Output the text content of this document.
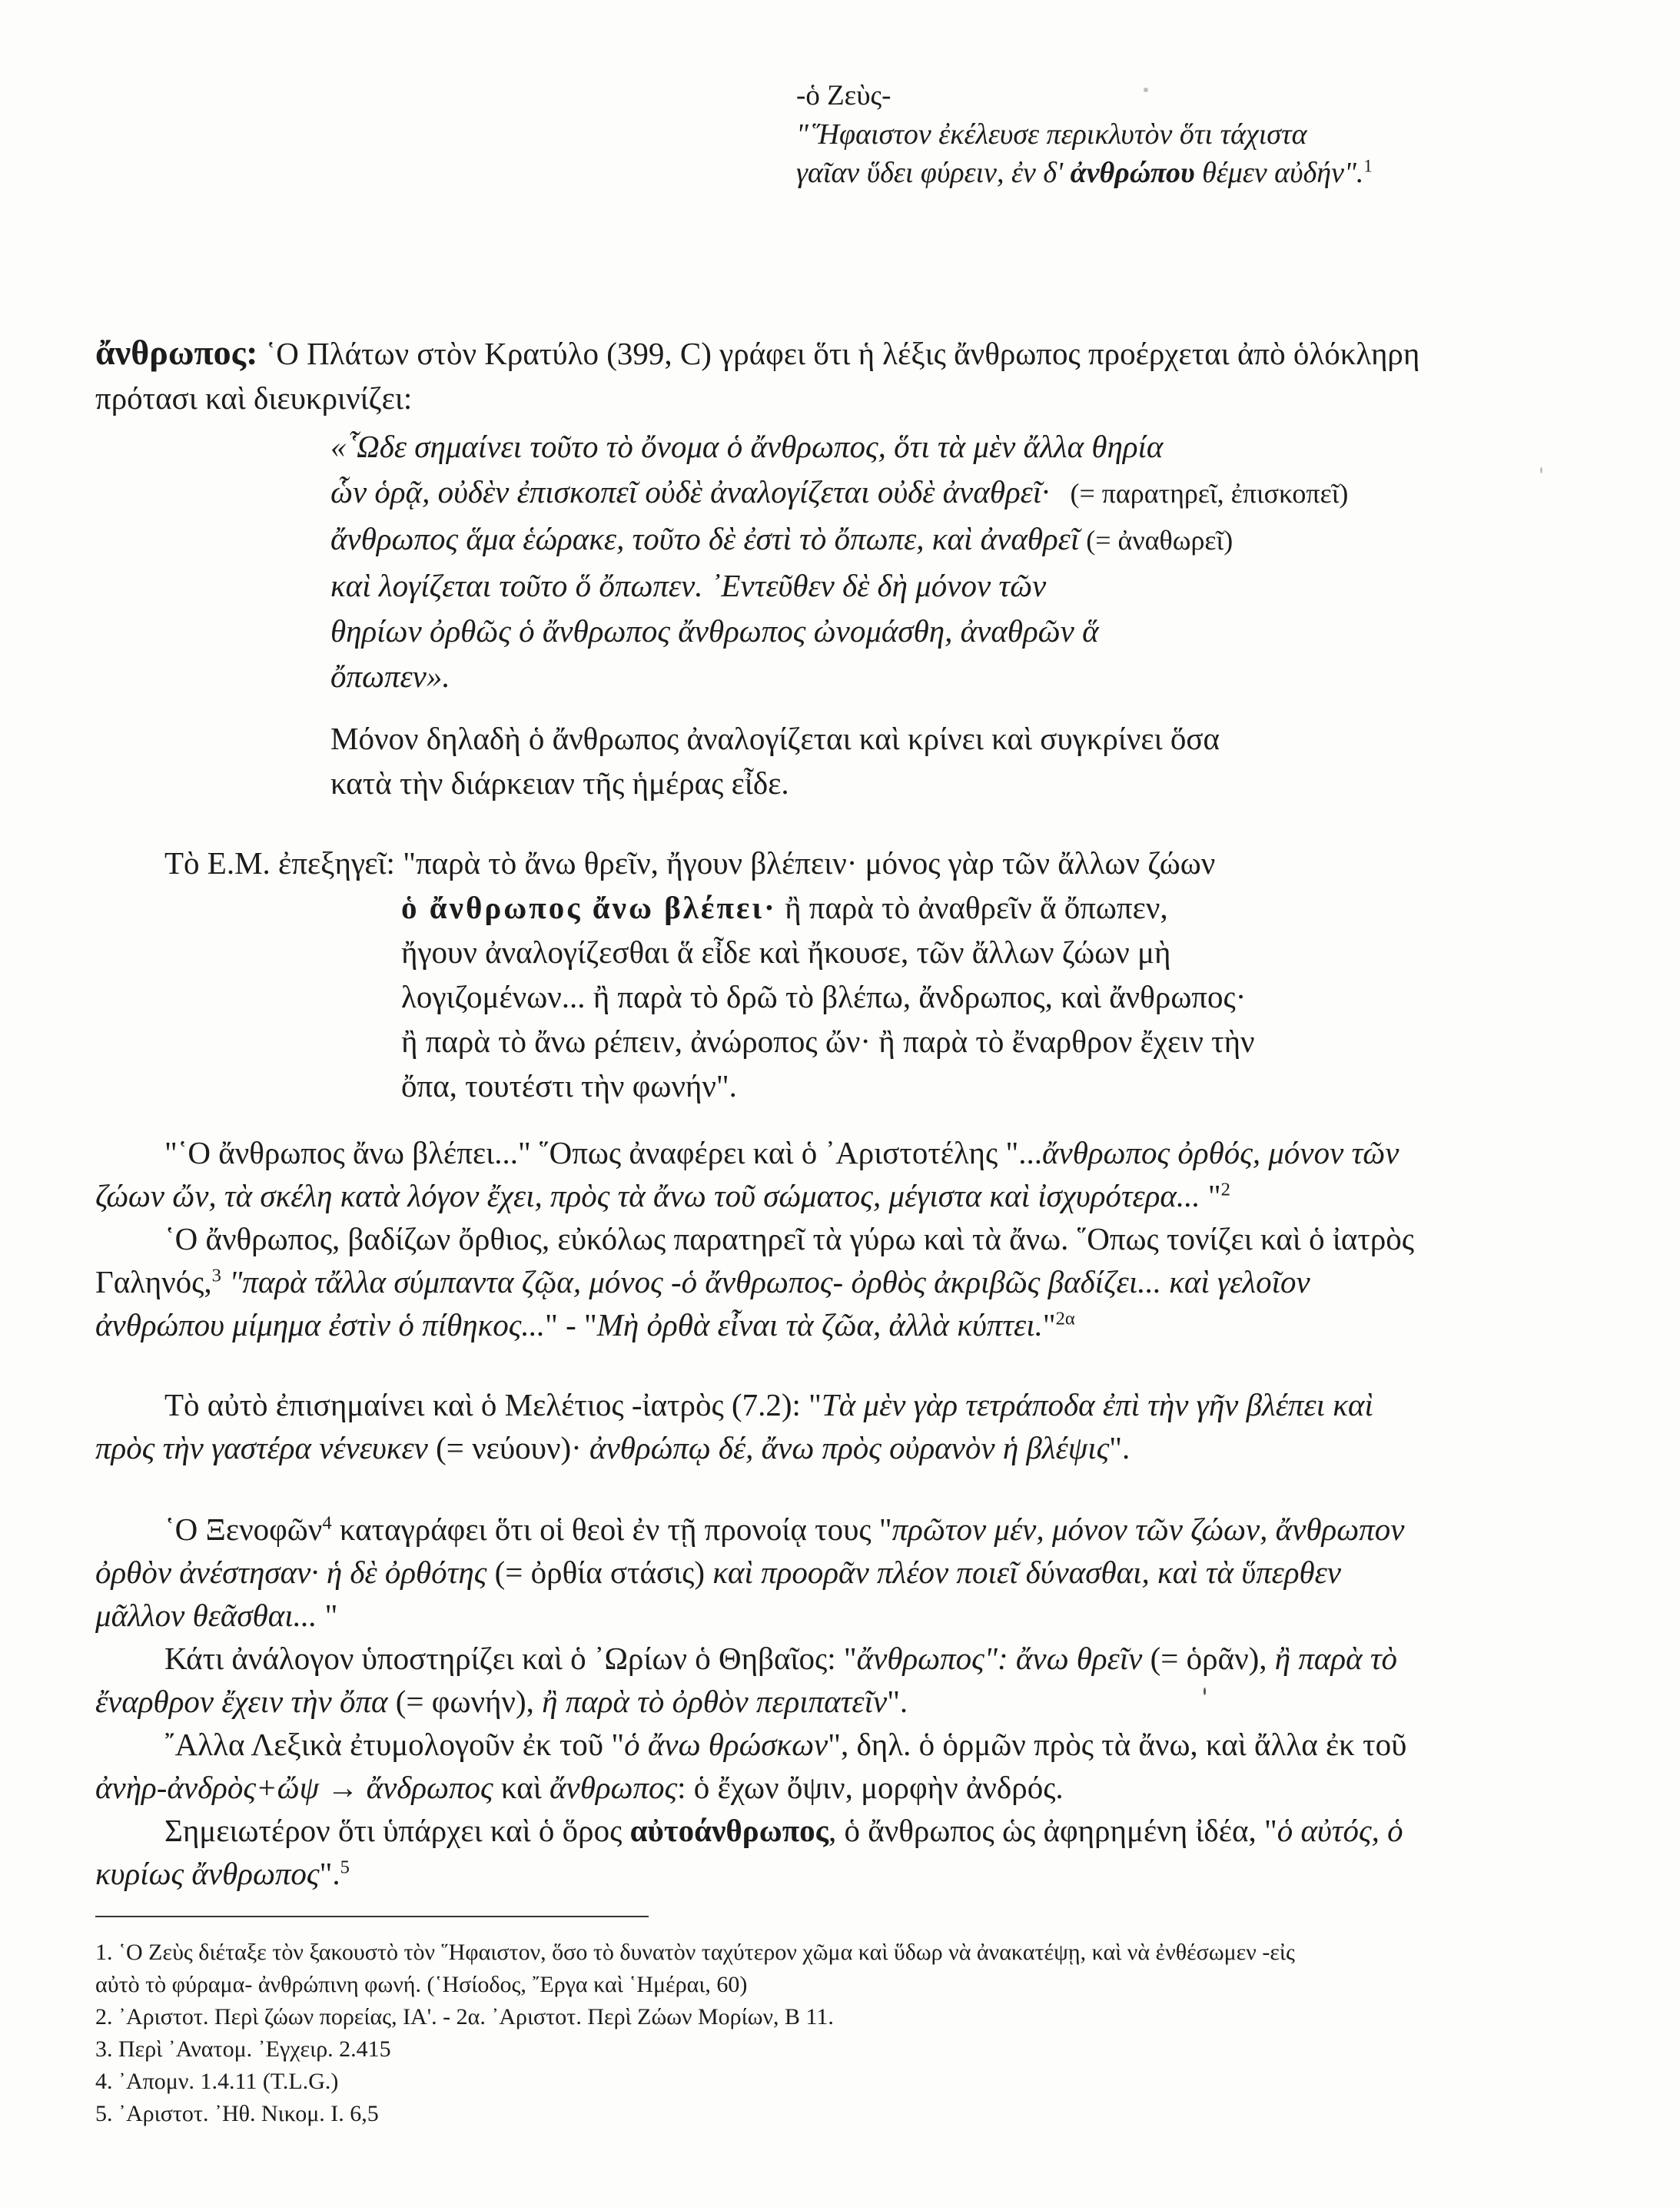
-ὁ Ζεὺς-
"῞Ηφαιστον ἐκέλευσε περικλυτὸν ὅτι τάχιστα
γαῖαν ὕδει φύρειν, ἐν δ' ἀνθρώπου θέμεν αὐδήν".$^1$
ἄνθρωπος: ῾Ο Πλάτων στὸν Κρατύλο (399, C) γράφει ὅτι ἡ λέξις ἄνθρωπος προέρχεται ἀπὸ ὁλόκληρη
πρότασι καὶ διευκρινίζει:
«῟Ωδε σημαίνει τοῦτο τὸ ὄνομα ὁ ἄνθρωπος, ὅτι τὰ μὲν ἄλλα θηρία
ὧν ὁρᾷ, οὐδὲν ἐπισκοπεῖ οὐδὲ ἀναλογίζεται οὐδὲ ἀναθρεῖ·   (= παρατηρεῖ, ἐπισκοπεῖ)
ἄνθρωπος ἅμα ἑώρακε, τοῦτο δὲ ἐστὶ τὸ ὄπωπε, καὶ ἀναθρεῖ (= ἀναθωρεῖ)
καὶ λογίζεται τοῦτο ὅ ὄπωπεν. ᾿Εντεῦθεν δὲ δὴ μόνον τῶν
θηρίων ὀρθῶς ὁ ἄνθρωπος ἄνθρωπος ὠνομάσθη, ἀναθρῶν ἅ
ὄπωπεν».
Μόνον δηλαδὴ ὁ ἄνθρωπος ἀναλογίζεται καὶ κρίνει καὶ συγκρίνει ὅσα
κατὰ τὴν διάρκειαν τῆς ἡμέρας εἶδε.
Τὸ Ε.Μ. ἐπεξηγεῖ: "παρὰ τὸ ἄνω θρεῖν, ἤγουν βλέπειν· μόνος γὰρ τῶν ἄλλων ζώων
ὁ ἄνθρωπος ἄνω βλέπει· ἢ παρὰ τὸ ἀναθρεῖν ἅ ὄπωπεν,
ἤγουν ἀναλογίζεσθαι ἅ εἶδε καὶ ἤκουσε, τῶν ἄλλων ζώων μὴ
λογιζομένων... ἢ παρὰ τὸ δρῶ τὸ βλέπω, ἄνδρωπος, καὶ ἄνθρωπος·
ἢ παρὰ τὸ ἄνω ρέπειν, ἀνώροπος ὤν· ἢ παρὰ τὸ ἔναρθρον ἔχειν τὴν
ὄπα, τουτέστι τὴν φωνήν".
"῾Ο ἄνθρωπος ἄνω βλέπει..." ῞Οπως ἀναφέρει καὶ ὁ ᾿Αριστοτέλης "...ἄνθρωπος ὀρθός, μόνον τῶν
ζώων ὤν, τὰ σκέλη κατὰ λόγον ἔχει, πρὸς τὰ ἄνω τοῦ σώματος, μέγιστα καὶ ἰσχυρότερα... "$^2$
῾Ο ἄνθρωπος, βαδίζων ὄρθιος, εὐκόλως παρατηρεῖ τὰ γύρω καὶ τὰ ἄνω. ῞Οπως τονίζει καὶ ὁ ἰατρὸς
Γαληνός,$^3$ "παρὰ τἄλλα σύμπαντα ζῷα, μόνος -ὁ ἄνθρωπος- ὀρθὸς ἀκριβῶς βαδίζει... καὶ γελοῖον
ἀνθρώπου μίμημα ἐστὶν ὁ πίθηκος..." - "Μὴ ὀρθὰ εἶναι τὰ ζῶα, ἀλλὰ κύπτει."$^{2\alpha}$
Τὸ αὐτὸ ἐπισημαίνει καὶ ὁ Μελέτιος -ἰατρὸς (7.2): "Τὰ μὲν γὰρ τετράποδα ἐπὶ τὴν γῆν βλέπει καὶ
πρὸς τὴν γαστέρα νένευκεν (= νεύουν)· ἀνθρώπῳ δέ, ἄνω πρὸς οὐρανὸν ἡ βλέψις".
῾Ο Ξενοφῶν$^4$ καταγράφει ὅτι οἱ θεοὶ ἐν τῇ προνοίᾳ τους "πρῶτον μέν, μόνον τῶν ζώων, ἄνθρωπον
ὀρθὸν ἀνέστησαν· ἡ δὲ ὀρθότης (= ὀρθία στάσις) καὶ προορᾶν πλέον ποιεῖ δύνασθαι, καὶ τὰ ὕπερθεν
μᾶλλον θεᾶσθαι... "
Κάτι ἀνάλογον ὑποστηρίζει καὶ ὁ ᾿Ωρίων ὁ Θηβαῖος: "ἄνθρωπος": ἄνω θρεῖν (= ὁρᾶν), ἢ παρὰ τὸ
ἔναρθρον ἔχειν τὴν ὄπα (= φωνήν), ἢ παρὰ τὸ ὀρθὸν περιπατεῖν".
῎Αλλα Λεξικὰ ἐτυμολογοῦν ἐκ τοῦ "ὁ ἄνω θρώσκων", δηλ. ὁ ὁρμῶν πρὸς τὰ ἄνω, καὶ ἄλλα ἐκ τοῦ
ἀνὴρ-ἀνδρὸς+ὤψ → ἄνδρωπος καὶ ἄνθρωπος: ὁ ἔχων ὄψιν, μορφὴν ἀνδρός.
Σημειωτέρον ὅτι ὑπάρχει καὶ ὁ ὅρος αὐτοάνθρωπος, ὁ ἄνθρωπος ὡς ἀφηρημένη ἰδέα, "ὁ αὐτός, ὁ
κυρίως ἄνθρωπος".$^5$
1. ῾Ο Ζεὺς διέταξε τὸν ξακουστὸ τὸν ῞Ηφαιστον, ὅσο τὸ δυνατὸν ταχύτερον χῶμα καὶ ὕδωρ νὰ ἀνακατέψῃ, καὶ νὰ ἐνθέσωμεν -εἰς
αὐτὸ τὸ φύραμα- ἀνθρώπινη φωνή. (῾Ησίοδος, ῎Εργα καὶ ῾Ημέραι, 60)
2. ᾿Αριστοτ. Περὶ ζώων πορείας, ΙΑ'. - 2α. ᾿Αριστοτ. Περὶ Ζώων Μορίων, Β 11.
3. Περὶ ᾿Ανατομ. ᾿Εγχειρ. 2.415
4. ᾿Απομν. 1.4.11 (T.L.G.)
5. ᾿Αριστοτ. ᾿Ηθ. Νικομ. Ι. 6,5
